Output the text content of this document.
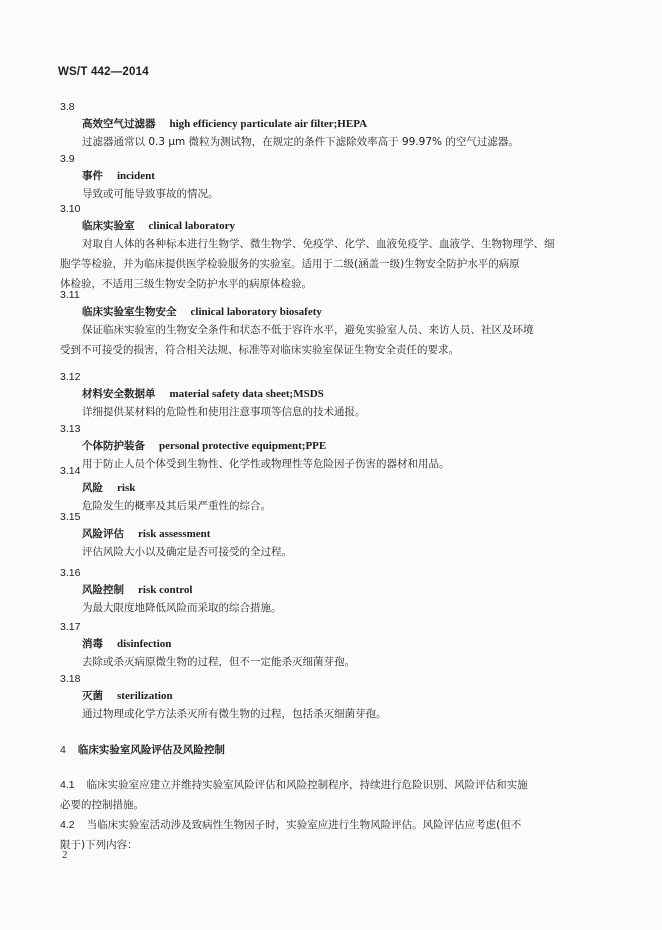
WS/T 442—2014
3.8
高效空气过滤器 high efficiency particulate air filter;HEPA
过滤器通常以 0.3 μm 微粒为测试物，在规定的条件下滤除效率高于 99.97% 的空气过滤器。
3.9
事件 incident
导致或可能导致事故的情况。
3.10
临床实验室 clinical laboratory
对取自人体的各种标本进行生物学、微生物学、免疫学、化学、血液免疫学、血液学、生物物理学、细
胞学等检验，并为临床提供医学检验服务的实验室。适用于二级(涵盖一级)生物安全防护水平的病原
体检验，不适用三级生物安全防护水平的病原体检验。
3.11
临床实验室生物安全 clinical laboratory biosafety
保证临床实验室的生物安全条件和状态不低于容许水平，避免实验室人员、来访人员、社区及环境
受到不可接受的损害，符合相关法规、标准等对临床实验室保证生物安全责任的要求。
3.12
材料安全数据单 material safety data sheet;MSDS
详细提供某材料的危险性和使用注意事项等信息的技术通报。
3.13
个体防护装备 personal protective equipment;PPE
用于防止人员个体受到生物性、化学性或物理性等危险因子伤害的器材和用品。
3.14
风险 risk
危险发生的概率及其后果严重性的综合。
3.15
风险评估 risk assessment
评估风险大小以及确定是否可接受的全过程。
3.16
风险控制 risk control
为最大限度地降低风险而采取的综合措施。
3.17
消毒 disinfection
去除或杀灭病原微生物的过程，但不一定能杀灭细菌芽孢。
3.18
灭菌 sterilization
通过物理或化学方法杀灭所有微生物的过程，包括杀灭细菌芽孢。
4 临床实验室风险评估及风险控制
4.1 临床实验室应建立并维持实验室风险评估和风险控制程序，持续进行危险识别、风险评估和实施
必要的控制措施。
4.2 当临床实验室活动涉及致病性生物因子时，实验室应进行生物风险评估。风险评估应考虑(但不
限于)下列内容：
2
